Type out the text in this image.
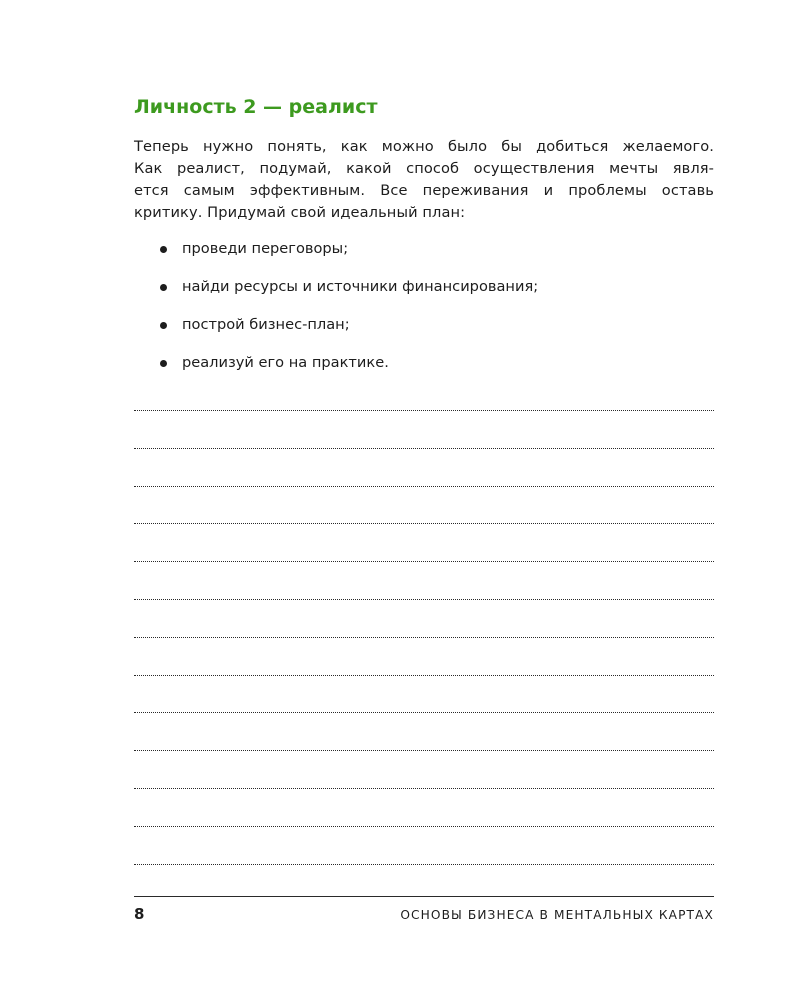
Личность 2 — реалист
Теперь нужно понять, как можно было бы добиться желаемого.
Как реалист, подумай, какой способ осуществления мечты явля-
ется самым эффективным. Все переживания и проблемы оставь
критику. Придумай свой идеальный план:
проведи переговоры;
найди ресурсы и источники финансирования;
построй бизнес-план;
реализуй его на практике.
8	ОСНОВЫ БИЗНЕСА В МЕНТАЛЬНЫХ КАРТАХ
